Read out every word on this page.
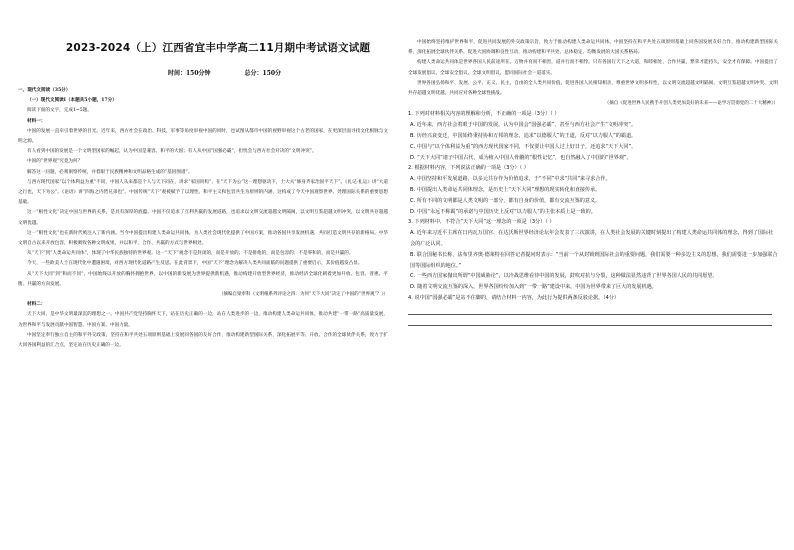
2023-2024（上）江西省宜丰中学高二11月期中考试语文试题
时间：150分钟	总分：150分

一、现代文阅读（35分）

（一）现代文阅读Ⅰ（本题共5小题，17分）

阅读下面的文字，完成1~5题。

材料一：

中国的发展一直牵引着世界的目光。近年来，西方社会在政治、科技、军事等角度审视中国的同时，也试图从都市中国的视野审视这个古老的国家，在更深层面寻找文化根脉与文明之源。

有人看到中国的发展是一个文明型国家的崛起，认为中国是兼容、和平的大国；有人从中国“国强必霸”，担忧会与西方社会对决的“文明冲突”。

中国的“世界观”究竟为何？

解答这一问题，必须洞察传统，并着眼于民族精神和文明品格生成的“基因图谱”。

与西方现代国家“以个体利益为重”不同，中国人从来都是个人与天下同在，讲求“家国同构”，在“天下为公”这一理想驱动下，士大夫“修身齐家治国平天下”。《礼记·礼运》讲“大道之行也，天下为公”。《论语》讲“四海之内皆兄弟也”。中国传统“天下”观被赋予了以理性、和平主义和包容共生为原则的内涵，这构成了今天中国观察世界、处理国际关系的重要思想基础。

这一“根性文化”决定中国与世界的关系，是具有深厚的底蕴。中国不仅追求了互利共赢的发展道路，也追求以文明交流超越文明隔阂，以文明互鉴超越文明冲突，以文明共存超越文明优越。

这一“根性文化”也在新时代被注入了新内涵。当今中国提出构建人类命运共同体，为人类社会现代化提供了中国方案，推动各国共享发展机遇，共同打造文明共存的新格局。中华文明自古以来开放包容，积极吸收各种文明成果，并以和平、合作、共赢的方式与世界相处。

从“天下”到“人类命运共同体”，体现了中华民族独特的世界观。这一“天下”观念不是封闭的，而是开放的；不是排他的，而是包容的；不是零和的，而是共赢的。

今天，一些欧美人士在现代化中遭遇困境，对西方现代化道路产生反思。在此背景下，中国“天下”理念为解决人类共同面临的问题提供了重要启示，其价值越发凸显。

从“天下大同”到“和而不同”，中国始终以开放的胸怀拥抱世界，以中国的新发展为世界提供新机遇，推动构建开放型世界经济，推动经济全球化朝着更加开放、包容、普惠、平衡、共赢的方向发展。

（摘编自梁奉科《文明根系列评论之四：为何“天下大同”决定了中国的“世界观”？》）

材料二：

天下大同，是中华文明最深沉的理想之一。中国共产党坚持胸怀天下，站在历史正确的一边，站在人类进步的一边，推动构建人类命运共同体，推动共建“一带一路”高质量发展，为世界和平与发展贡献中国智慧、中国方案、中国力量。

中国坚定奉行独立自主的和平外交政策，坚持在和平共处五项原则基础上发展同各国的友好合作，推动构建新型国际关系，深化拓展平等、开放、合作的全球伙伴关系，致力于扩大同各国利益的汇合点，坚定站在历史正确的一边。

中国始终坚持维护世界和平、促进共同发展的外交政策宗旨，致力于推动构建人类命运共同体。中国坚持在和平共处五项原则基础上同各国发展友好合作，推动构建新型国际关系，深化拓展全球伙伴关系，促进大国协调和良性互动，推动构建和平共处、总体稳定、均衡发展的大国关系格局。

构建人类命运共同体是世界各国人民前途所在。万物并育而不相害，道并行而不相悖。只有各国行天下之大道，和睦相处、合作共赢，繁荣才能持久，安全才有保障。中国提出了全球发展倡议、全球安全倡议、全球文明倡议，愿同国际社会一道落实。

世界各国弘扬和平、发展、公平、正义、民主、自由的全人类共同价值，促进各国人民相知相亲，尊重世界文明多样性，以文明交流超越文明隔阂、文明互鉴超越文明冲突、文明共存超越文明优越，共同应对各种全球性挑战。

（摘自《促进世界人民携手开创人类更加美好的未来——论学习贯彻党的二十大精神》）

1. 下列对材料相关内容的理解和分析，不正确的一项是（3分）（ ）

A. 近年来，西方社会着眼于中国的发展，认为中国会“国强必霸”，甚至与西方社会产生“文明冲突”。

B. 历经兴衰变迁，中国始终秉持协和万邦的理念，追求“以德服人”的王道，反对“以力服人”的霸道。

C. 中国与“以个体利益为重”的西方现代国家不同，不仅要让中国人过上好日子，还追求“天下大同”。

D. “天下大同”诸子中国古代，成为植入中国人骨髓的“根性记忆”，也自然融入了中国的“世界观”。

2. 根据材料内容，下列说法正确的一项是（3分）（ ）

A. 中国坚持和平发展道路，以多元共存作为价值追求，于“不同”中求“共同”来寻求合作。

B. 中国提出人类命运共同体理念，是历史上“天下大同”理想的现实转化和直接传承。

C. 所有不同的文明都是人类文明的一部分，都有自身的价值，都有交流互鉴的意义。

D. 中国“永远不称霸”的承诺与中国历史上反对“以力服人”的主张本质上是一致的。

3. 下列材料中，不符合“天下大同”这一理念的一项是（3分）（ ）

A. 近年来习近平主席在日内瓦万国宫、在达沃斯世界经济论坛年会发表了三次演讲，在人类社会发展的关键时刻提出了构建人类命运共同体的理念，得到了国际社会的广泛认同。

B. 联合国秘书长称，法布里齐奥·德莱特在回答记者提问时表示：“当前一个从封锁到国际社会的重要问题，我们需要一种多边主义的思想，我们需要进一步加强联合国等国际组织的地位。”

C. 一些西方国家抛出所谓“中国威胁论”，以冷战思维看待中国的发展，鼓吹对抗与分裂，这种做法显然违背了世界各国人民的共同愿望。

D. 随着文明交流互鉴的深入，世界各国纷纷加入到“一带一路”建设中来，中国为世界带来了巨大的发展机遇。

4. 说中国“国强必霸”是站不住脚的，请结合材料一内容，为此行为提供两条反驳论据。（4分）
